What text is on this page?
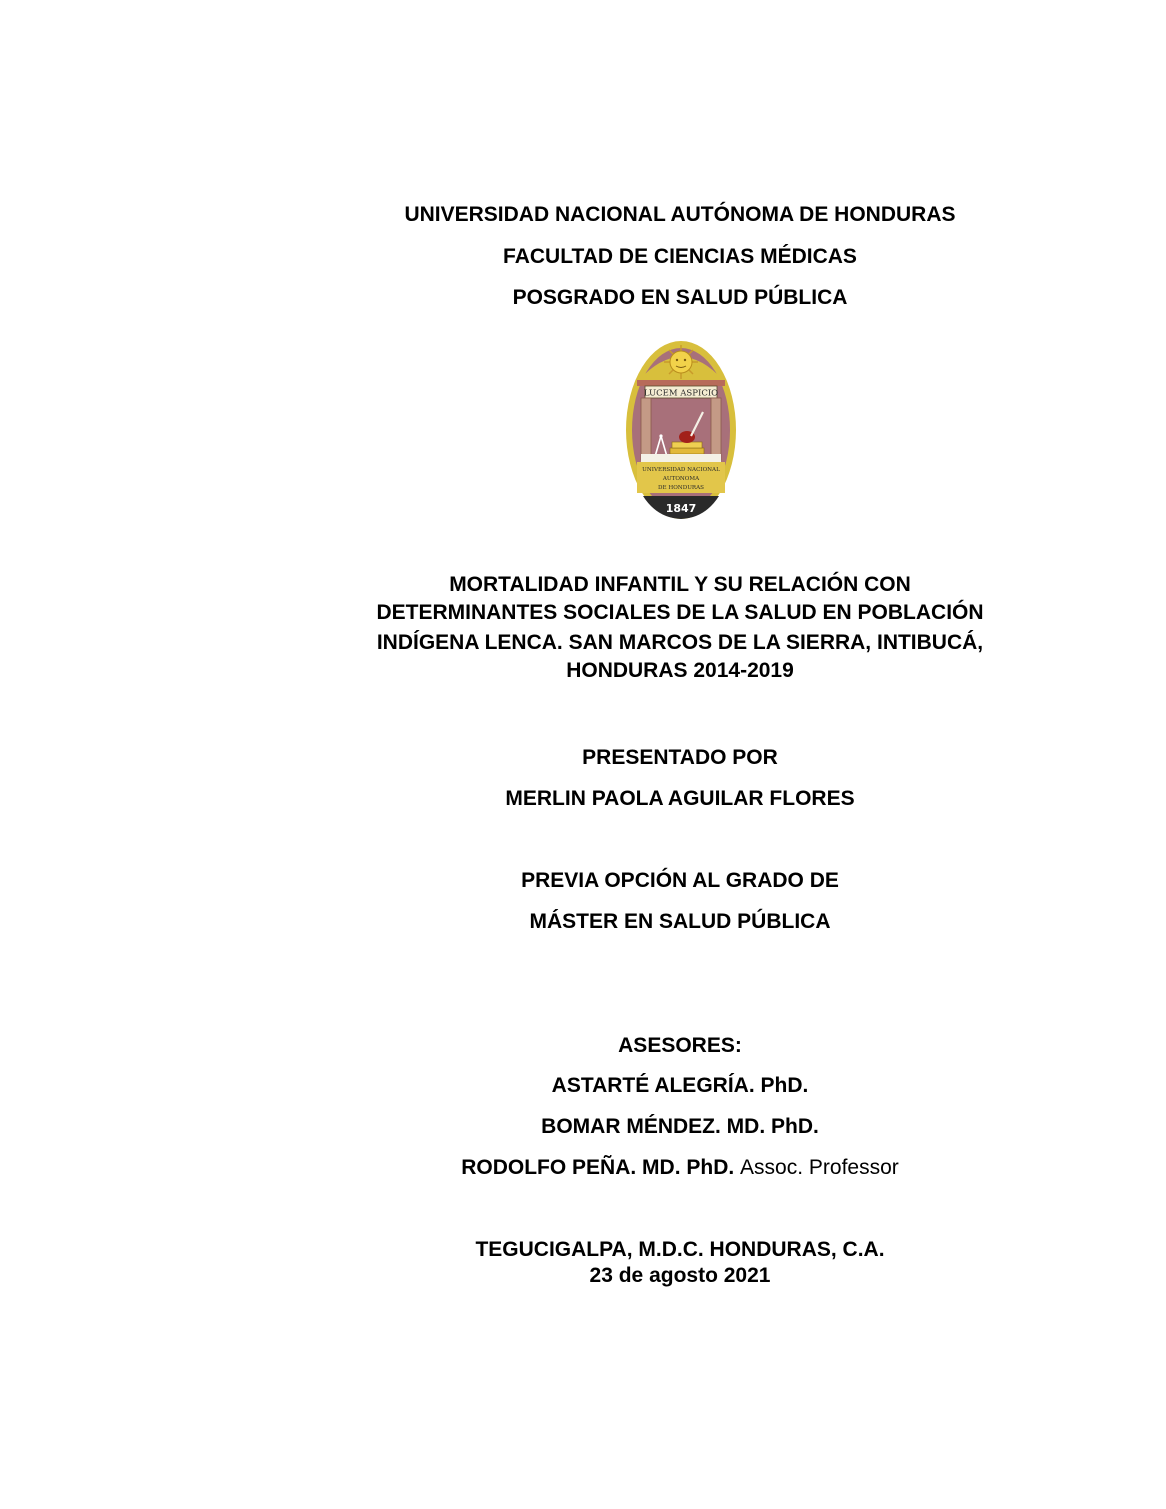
UNIVERSIDAD NACIONAL AUTÓNOMA DE HONDURAS
FACULTAD DE CIENCIAS MÉDICAS
POSGRADO EN SALUD PÚBLICA
LUCEM ASPICIO
UNIVERSIDAD NACIONAL
AUTONOMA
DE HONDURAS
1847
MORTALIDAD INFANTIL Y SU RELACIÓN CON
DETERMINANTES SOCIALES DE LA SALUD EN POBLACIÓN
INDÍGENA LENCA. SAN MARCOS DE LA SIERRA, INTIBUCÁ,
HONDURAS 2014-2019
PRESENTADO POR
MERLIN PAOLA AGUILAR FLORES
PREVIA OPCIÓN AL GRADO DE
MÁSTER EN SALUD PÚBLICA
ASESORES:
ASTARTÉ ALEGRÍA. PhD.
BOMAR MÉNDEZ. MD. PhD.
RODOLFO PEÑA. MD. PhD. Assoc. Professor
TEGUCIGALPA, M.D.C. HONDURAS, C.A.
23 de agosto 2021
